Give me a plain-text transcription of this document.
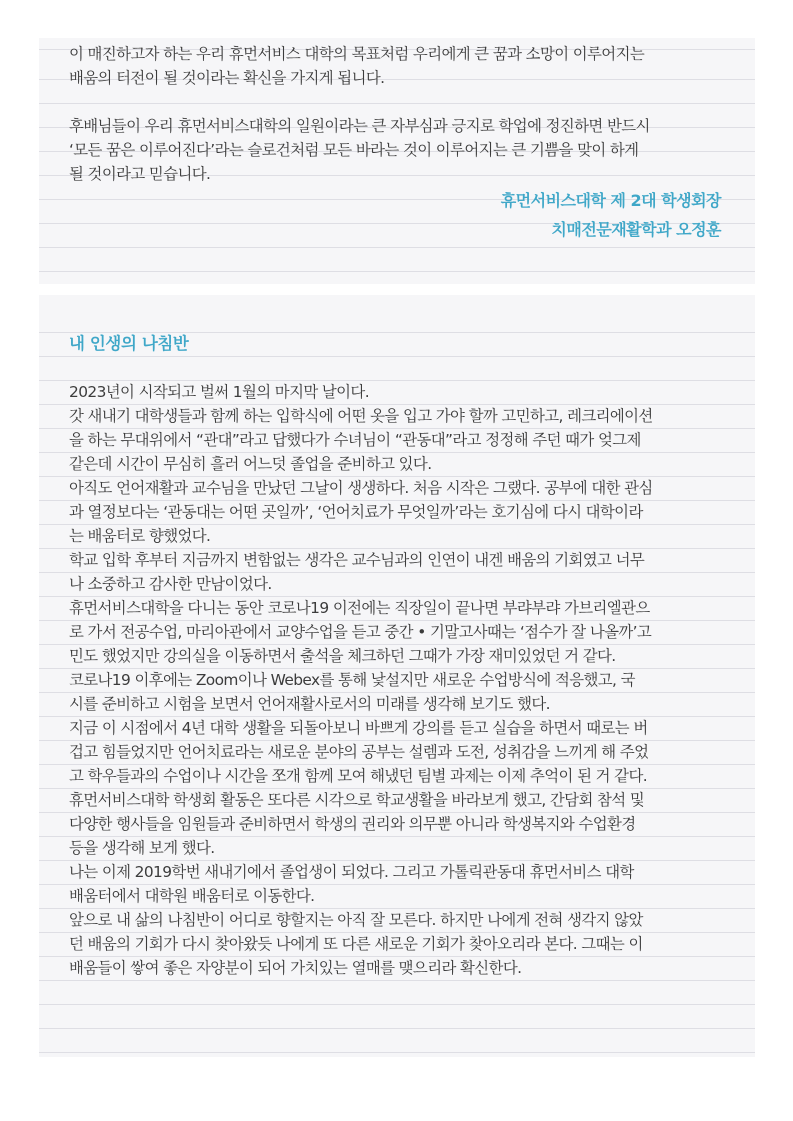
이 매진하고자 하는 우리 휴먼서비스 대학의 목표처럼 우리에게 큰 꿈과 소망이 이루어지는
배움의 터전이 될 것이라는 확신을 가지게 됩니다.

후배님들이 우리 휴먼서비스대학의 일원이라는 큰 자부심과 긍지로 학업에 정진하면 반드시
‘모든 꿈은 이루어진다’라는 슬로건처럼 모든 바라는 것이 이루어지는 큰 기쁨을 맞이 하게
될 것이라고 믿습니다.

휴먼서비스대학 제 2대 학생회장
치매전문재활학과 오정훈
내 인생의 나침반
2023년이 시작되고 벌써 1월의 마지막 날이다.
갓 새내기 대학생들과 함께 하는 입학식에 어떤 옷을 입고 가야 할까 고민하고, 레크리에이션
을 하는 무대위에서 “관대”라고 답했다가 수녀님이 “관동대”라고 정정해 주던 때가 엊그제
같은데 시간이 무심히 흘러 어느덧 졸업을 준비하고 있다.
아직도 언어재활과 교수님을 만났던 그날이 생생하다. 처음 시작은 그랬다. 공부에 대한 관심
과 열정보다는 ‘관동대는 어떤 곳일까’, ‘언어치료가 무엇일까’라는 호기심에 다시 대학이라
는 배움터로 향했었다.
학교 입학 후부터 지금까지 변함없는 생각은 교수님과의 인연이 내겐 배움의 기회였고 너무
나 소중하고 감사한 만남이었다.
휴먼서비스대학을 다니는 동안 코로나19 이전에는 직장일이 끝나면 부랴부랴 가브리엘관으
로 가서 전공수업, 마리아관에서 교양수업을 듣고 중간 • 기말고사때는 ‘점수가 잘 나올까’고
민도 했었지만 강의실을 이동하면서 출석을 체크하던 그때가 가장 재미있었던 거 같다.
코로나19 이후에는 Zoom이나 Webex를 통해 낯설지만 새로운 수업방식에 적응했고, 국
시를 준비하고 시험을 보면서 언어재활사로서의 미래를 생각해 보기도 했다.
지금 이 시점에서 4년 대학 생활을 되돌아보니 바쁘게 강의를 듣고 실습을 하면서 때로는 버
겁고 힘들었지만 언어치료라는 새로운 분야의 공부는 설렘과 도전, 성취감을 느끼게 해 주었
고 학우들과의 수업이나 시간을 쪼개 함께 모여 해냈던 팀별 과제는 이제 추억이 된 거 같다.
휴먼서비스대학 학생회 활동은 또다른 시각으로 학교생활을 바라보게 했고, 간담회 참석 및
다양한 행사들을 임원들과 준비하면서 학생의 권리와 의무뿐 아니라 학생복지와 수업환경
등을 생각해 보게 했다.
나는 이제 2019학번 새내기에서 졸업생이 되었다. 그리고 가톨릭관동대 휴먼서비스 대학
배움터에서 대학원 배움터로 이동한다.
앞으로 내 삶의 나침반이 어디로 향할지는 아직 잘 모른다. 하지만 나에게 전혀 생각지 않았
던 배움의 기회가 다시 찾아왔듯 나에게 또 다른 새로운 기회가 찾아오리라 본다. 그때는 이
배움들이 쌓여 좋은 자양분이 되어 가치있는 열매를 맺으리라 확신한다.
